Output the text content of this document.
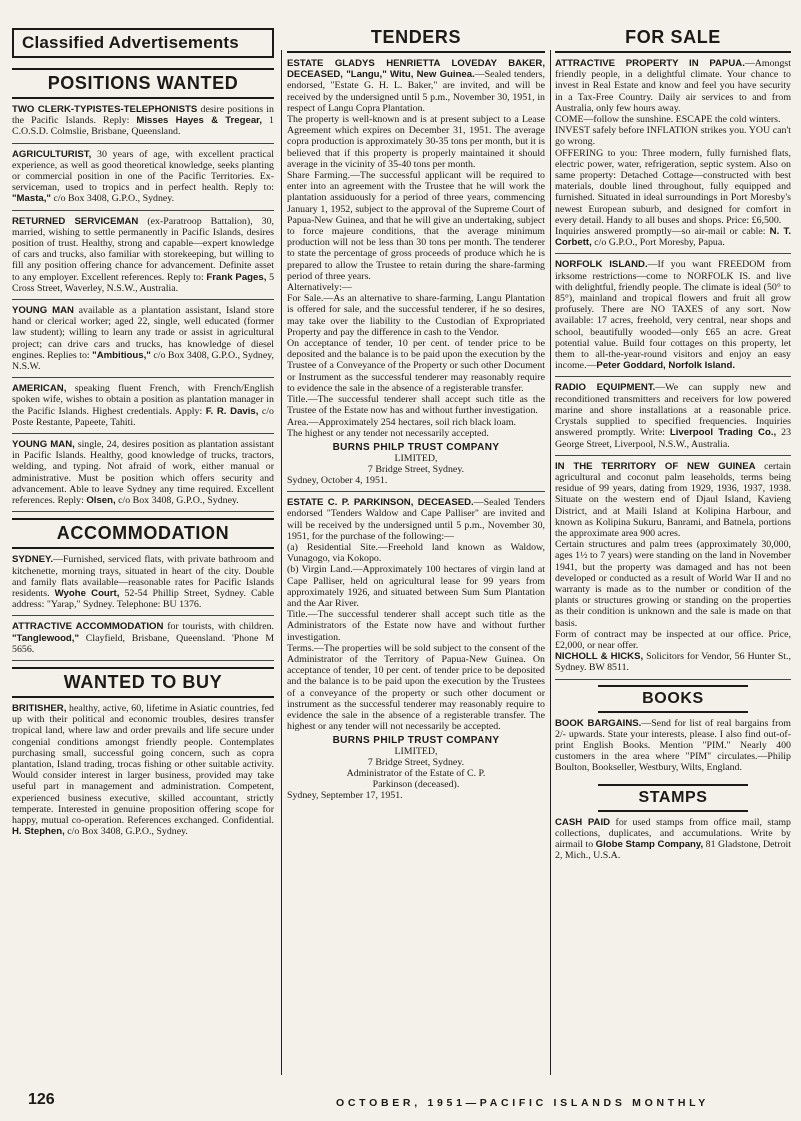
Classified Advertisements
POSITIONS WANTED

TWO CLERK-TYPISTES-TELEPHONISTS desire positions in the Pacific Islands. Reply: Misses Hayes & Tregear, 1 C.O.S.D. Colmslie, Brisbane, Queensland.

AGRICULTURIST, 30 years of age, with excellent practical experience, as well as good theoretical knowledge, seeks planting or commercial position in one of the Pacific Territories. Ex-serviceman, used to tropics and in perfect health. Reply to: "Masta," c/o Box 3408, G.P.O., Sydney.

RETURNED SERVICEMAN (ex-Paratroop Battalion), 30, married, wishing to settle permanently in Pacific Islands, desires position of trust. Healthy, strong and capable—expert knowledge of cars and trucks, also familiar with storekeeping, but willing to fill any position offering chance for advancement. Definite asset to any employer. Excellent references. Reply to: Frank Pages, 5 Cross Street, Waverley, N.S.W., Australia.

YOUNG MAN available as a plantation assistant, Island store hand or clerical worker; aged 22, single, well educated (former law student); willing to learn any trade or assist in agricultural project; can drive cars and trucks, has knowledge of diesel engines. Replies to: "Ambitious," c/o Box 3408, G.P.O., Sydney, N.S.W.

AMERICAN, speaking fluent French, with French/English spoken wife, wishes to obtain a position as plantation manager in the Pacific Islands. Highest credentials. Apply: F. R. Davis, c/o Poste Restante, Papeete, Tahiti.

YOUNG MAN, single, 24, desires position as plantation assistant in Pacific Islands. Healthy, good knowledge of trucks, tractors, welding, and typing. Not afraid of work, either manual or administrative. Must be position which offers security and advancement. Able to leave Sydney any time required. Excellent references. Reply: Olsen, c/o Box 3408, G.P.O., Sydney.

ACCOMMODATION

SYDNEY.—Furnished, serviced flats, with private bathroom and kitchenette, morning trays, situated in heart of the city. Double and family flats available—reasonable rates for Pacific Islands residents. Wyohe Court, 52-54 Phillip Street, Sydney. Cable address: "Yarap," Sydney. Telephone: BU 1376.

ATTRACTIVE ACCOMMODATION for tourists, with children. "Tanglewood," Clayfield, Brisbane, Queensland. 'Phone M 5656.

WANTED TO BUY

BRITISHER, healthy, active, 60, lifetime in Asiatic countries, fed up with their political and economic troubles, desires transfer tropical land, where law and order prevails and life secure under congenial conditions amongst friendly people. Contemplates purchasing small, successful going concern, such as copra plantation, Island trading, trocas fishing or other suitable activity. Would consider interest in larger business, provided may take useful part in management and administration. Competent, experienced business executive, skilled accountant, strictly temperate. Interested in genuine proposition offering scope for happy, mutual co-operation. References exchanged. Confidential. H. Stephen, c/o Box 3408, G.P.O., Sydney.

TENDERS

ESTATE GLADYS HENRIETTA LOVEDAY BAKER, DECEASED, "Langu," Witu, New Guinea.—Sealed tenders, endorsed, "Estate G. H. L. Baker," are invited, and will be received by the undersigned until 5 p.m., November 30, 1951, in respect of Langu Copra Plantation.

The property is well-known and is at present subject to a Lease Agreement which expires on December 31, 1951. The average copra production is approximately 30-35 tons per month, but it is believed that if this property is properly maintained it should average in the vicinity of 35-40 tons per month.

Share Farming.—The successful applicant will be required to enter into an agreement with the Trustee that he will work the plantation assiduously for a period of three years, commencing January 1, 1952, subject to the approval of the Supreme Court of Papua-New Guinea, and that he will give an undertaking, subject to force majeure conditions, that the average minimum production will not be less than 30 tons per month. The tenderer to state the percentage of gross proceeds of produce which he is prepared to allow the Trustee to retain during the share-farming period of three years.

Alternatively:—

For Sale.—As an alternative to share-farming, Langu Plantation is offered for sale, and the successful tenderer, if he so desires, may take over the liability to the Custodian of Expropriated Property and pay the difference in cash to the Vendor.

On acceptance of tender, 10 per cent. of tender price to be deposited and the balance is to be paid upon the execution by the Trustee of a Conveyance of the Property or such other Document or Instrument as the successful tenderer may reasonably require to evidence the sale in the absence of a registerable transfer.

Title.—The successful tenderer shall accept such title as the Trustee of the Estate now has and without further investigation.

Area.—Approximately 254 hectares, soil rich black loam.

The highest or any tender not necessarily accepted.

BURNS PHILP TRUST COMPANY
LIMITED,
7 Bridge Street, Sydney.

Sydney, October 4, 1951.

ESTATE C. P. PARKINSON, DECEASED.—Sealed Tenders endorsed "Tenders Waldow and Cape Palliser" are invited and will be received by the undersigned until 5 p.m., November 30, 1951, for the purchase of the following:—

(a) Residential Site.—Freehold land known as Waldow, Vunagogo, via Kokopo.

(b) Virgin Land.—Approximately 100 hectares of virgin land at Cape Palliser, held on agricultural lease for 99 years from approximately 1926, and situated between Sum Sum Plantation and the Aar River.

Title.—The successful tenderer shall accept such title as the Administrators of the Estate now have and without further investigation.

Terms.—The properties will be sold subject to the consent of the Administrator of the Territory of Papua-New Guinea. On acceptance of tender, 10 per cent. of tender price to be deposited and the balance is to be paid upon the execution by the Trustees of a conveyance of the property or such other document or instrument as the successful tenderer may reasonably require to evidence the sale in the absence of a registerable transfer. The highest or any tender will not necessarily be accepted.

BURNS PHILP TRUST COMPANY
LIMITED,
7 Bridge Street, Sydney.
Administrator of the Estate of C. P.
Parkinson (deceased).

Sydney, September 17, 1951.

FOR SALE

ATTRACTIVE PROPERTY IN PAPUA.—Amongst friendly people, in a delightful climate. Your chance to invest in Real Estate and know and feel you have security in a Tax-Free Country. Daily air services to and from Australia, only few hours away.
COME—follow the sunshine. ESCAPE the cold winters.
INVEST safely before INFLATION strikes you. YOU can't go wrong.
OFFERING to you: Three modern, fully furnished flats, electric power, water, refrigeration, septic system. Also on same property: Detached Cottage—constructed with best materials, double lined throughout, fully equipped and furnished. Situated in ideal surroundings in Port Moresby's newest European suburb, and designed for comfort in every detail. Handy to all buses and shops. Price: £6,500.
Inquiries answered promptly—so air-mail or cable: N. T. Corbett, c/o G.P.O., Port Moresby, Papua.

NORFOLK ISLAND.—If you want FREEDOM from irksome restrictions—come to NORFOLK IS. and live with delightful, friendly people. The climate is ideal (50° to 85°), mainland and tropical flowers and fruit all grow profusely. There are NO TAXES of any sort. Now available: 17 acres, freehold, very central, near shops and school, beautifully wooded—only £65 an acre. Great potential value. Build four cottages on this property, let them to all-the-year-round visitors and enjoy an easy income.—Peter Goddard, Norfolk Island.

RADIO EQUIPMENT.—We can supply new and reconditioned transmitters and receivers for low powered marine and shore installations at a reasonable price. Crystals supplied to specified frequencies. Inquiries answered promptly. Write: Liverpool Trading Co., 23 George Street, Liverpool, N.S.W., Australia.

IN THE TERRITORY OF NEW GUINEA certain agricultural and coconut palm leaseholds, terms being residue of 99 years, dating from 1929, 1936, 1937, 1938. Situate on the western end of Djaul Island, Kavieng District, and at Maili Island at Kolipina Harbour, and known as Kolipina Sukuru, Banrami, and Batnela, portions the approximate area 900 acres.
Certain structures and palm trees (approximately 30,000, ages 1½ to 7 years) were standing on the land in November 1941, but the property was damaged and has not been developed or conducted as a result of World War II and no warranty is made as to the number or condition of the plants or structures growing or standing on the properties as their condition is unknown and the sale is made on that basis.
Form of contract may be inspected at our office. Price, £2,000, or near offer.
NICHOLL & HICKS, Solicitors for Vendor, 56 Hunter St., Sydney. BW 8511.

BOOKS

BOOK BARGAINS.—Send for list of real bargains from 2/- upwards. State your interests, please. I also find out-of-print English Books. Mention "PIM." Nearly 400 customers in the area where "PIM" circulates.—Philip Boulton, Bookseller, Westbury, Wilts, England.

STAMPS

CASH PAID for used stamps from office mail, stamp collections, duplicates, and accumulations. Write by airmail to Globe Stamp Company, 81 Gladstone, Detroit 2, Mich., U.S.A.

126	OCTOBER, 1951—PACIFIC ISLANDS MONTHLY
